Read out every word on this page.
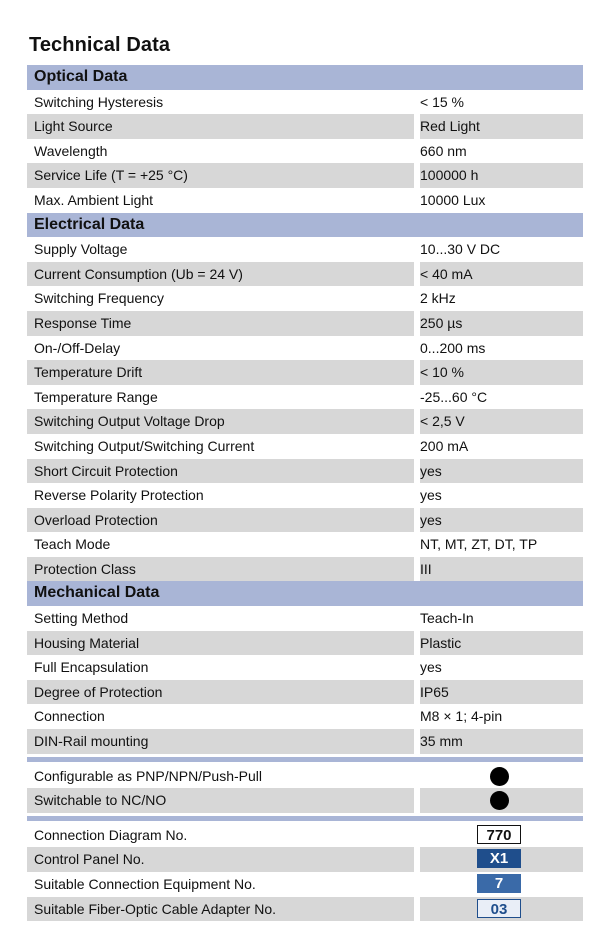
Technical Data
Optical Data
Switching Hysteresis	< 15 %
Light Source	Red Light
Wavelength	660 nm
Service Life (T = +25 °C)	100000 h
Max. Ambient Light	10000 Lux
Electrical Data
Supply Voltage	10...30 V DC
Current Consumption (Ub = 24 V)	< 40 mA
Switching Frequency	2 kHz
Response Time	250 µs
On-/Off-Delay	0...200 ms
Temperature Drift	< 10 %
Temperature Range	-25...60 °C
Switching Output Voltage Drop	< 2,5 V
Switching Output/Switching Current	200 mA
Short Circuit Protection	yes
Reverse Polarity Protection	yes
Overload Protection	yes
Teach Mode	NT, MT, ZT, DT, TP
Protection Class	III
Mechanical Data
Setting Method	Teach-In
Housing Material	Plastic
Full Encapsulation	yes
Degree of Protection	IP65
Connection	M8 × 1; 4-pin
DIN-Rail mounting	35 mm
Configurable as PNP/NPN/Push-Pull
Switchable to NC/NO
Connection Diagram No.	770
Control Panel No.	X1
Suitable Connection Equipment No.	7
Suitable Fiber-Optic Cable Adapter No.	03
